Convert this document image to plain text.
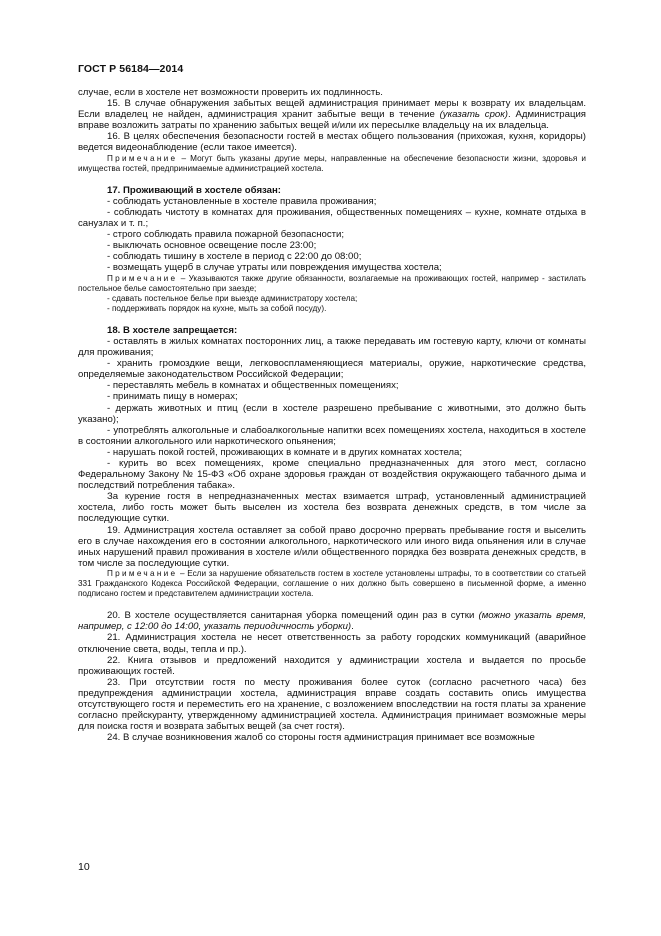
ГОСТ Р 56184—2014

случае, если в хостеле нет возможности проверить их подлинность.

15. В случае обнаружения забытых вещей администрация принимает меры к возврату их владельцам. Если владелец не найден, администрация хранит забытые вещи в течение (указать срок). Администрация вправе возложить затраты по хранению забытых вещей и/или их пересылке владельцу на их владельца.

16. В целях обеспечения безопасности гостей в местах общего пользования (прихожая, кухня, коридоры) ведется видеонаблюдение (если такое имеется).

Примечание – Могут быть указаны другие меры, направленные на обеспечение безопасности жизни, здоровья и имущества гостей, предпринимаемые администрацией хостела.

17. Проживающий в хостеле обязан:

- соблюдать установленные в хостеле правила проживания;

- соблюдать чистоту в комнатах для проживания, общественных помещениях – кухне, комнате отдыха в санузлах и т. п.;

- строго соблюдать правила пожарной безопасности;

- выключать основное освещение после 23:00;

- соблюдать тишину в хостеле в период с 22:00 до 08:00;

- возмещать ущерб в случае утраты или повреждения имущества хостела;

Примечание – Указываются также другие обязанности, возлагаемые на проживающих гостей, например - застилать постельное белье самостоятельно при заезде;

- сдавать постельное белье при выезде администратору хостела;

- поддерживать порядок на кухне, мыть за собой посуду).

18. В хостеле запрещается:

- оставлять в жилых комнатах посторонних лиц, а также передавать им гостевую карту, ключи от комнаты для проживания;

- хранить громоздкие вещи, легковоспламеняющиеся материалы, оружие, наркотические средства, определяемые законодательством Российской Федерации;

- переставлять мебель в комнатах и общественных помещениях;

- принимать пищу в номерах;

- держать животных и птиц (если в хостеле разрешено пребывание с животными, это должно быть указано);

- употреблять алкогольные и слабоалкогольные напитки всех помещениях хостела, находиться в хостеле в состоянии алкогольного или наркотического опьянения;

- нарушать покой гостей, проживающих в комнате и в других комнатах хостела;

- курить во всех помещениях, кроме специально предназначенных для этого мест, согласно Федеральному Закону № 15-ФЗ «Об охране здоровья граждан от воздействия окружающего табачного дыма и последствий потребления табака».

За курение гостя в непредназначенных местах взимается штраф, установленный администрацией хостела, либо гость может быть выселен из хостела без возврата денежных средств, в том числе за последующие сутки.

19. Администрация хостела оставляет за собой право досрочно прервать пребывание гостя и выселить его в случае нахождения его в состоянии алкогольного, наркотического или иного вида опьянения или в случае иных нарушений правил проживания в хостеле и/или общественного порядка без возврата денежных средств, в том числе за последующие сутки.

Примечание – Если за нарушение обязательств гостем в хостеле установлены штрафы, то в соответствии со статьей 331 Гражданского Кодекса Российской Федерации, соглашение о них должно быть совершено в письменной форме, а именно подписано гостем и представителем администрации хостела.

20. В хостеле осуществляется санитарная уборка помещений один раз в сутки (можно указать время, например, с 12:00 до 14:00, указать периодичность уборки).

21. Администрация хостела не несет ответственность за работу городских коммуникаций (аварийное отключение света, воды, тепла и пр.).

22. Книга отзывов и предложений находится у администрации хостела и выдается по просьбе проживающих гостей.

23. При отсутствии гостя по месту проживания более суток (согласно расчетного часа) без предупреждения администрации хостела, администрация вправе создать составить опись имущества отсутствующего гостя и переместить его на хранение, с возложением впоследствии на гостя платы за хранение согласно прейскуранту, утвержденному администрацией хостела. Администрация принимает возможные меры для поиска гостя и возврата забытых вещей (за счет гостя).

24. В случае возникновения жалоб со стороны гостя администрация принимает все возможные

10
